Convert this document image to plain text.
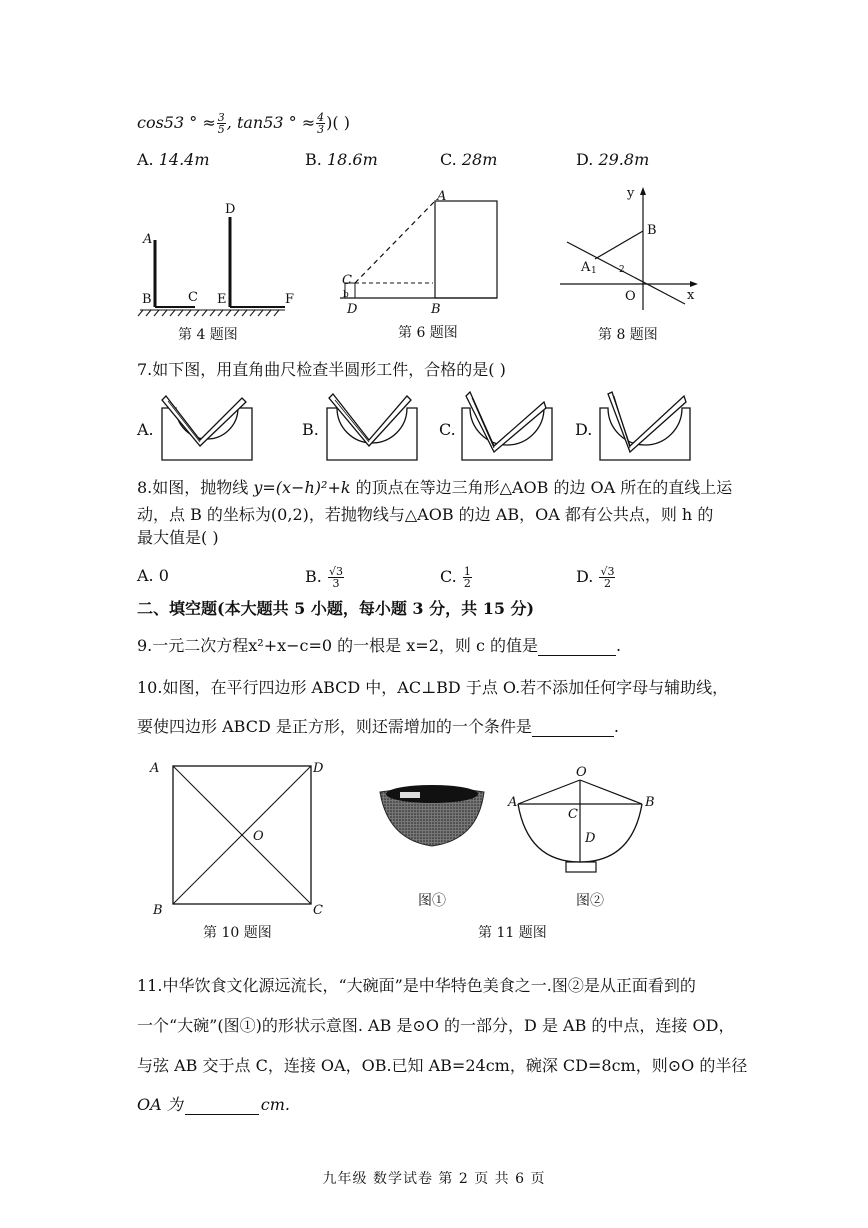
cos53 ° ≈ $\frac{3}{5}$ , tan53 ° ≈ $\frac{4}{3}$ )( )
A. 14.4m	B. 18.6m	C. 28m	D. 29.8m
A
B	C
D
E	F
第 4 题图
A
B
C
D
b
第 6 题图
y
x
B
A 1 2
O
第 8 题图
7.如下图，用直角曲尺检查半圆形工件，合格的是( )
A.	B.	C.	D.
8.如图，抛物线 y=(x−h)²+k 的顶点在等边三角形△AOB 的边 OA 所在的直线上运
动，点 B 的坐标为(0,2)，若抛物线与△AOB 的边 AB，OA 都有公共点，则 h 的
最大值是( )
A. 0	B. $\frac{√3}{3}$	C. $\frac{1}{2}$	D. $\frac{√3}{2}$
二、填空题(本大题共 5 小题，每小题 3 分，共 15 分)
9.一元二次方程x²+x−c=0 的一根是 x=2，则 c 的值是	.
10.如图，在平行四边形 ABCD 中，AC⊥BD 于点 O.若不添加任何字母与辅助线，
要使四边形 ABCD 是正方形，则还需增加的一个条件是	.
A	D
B	C
O
第 10 题图
O
A	B
C
D
图①	图②
第 11 题图
11.中华饮食文化源远流长，“大碗面”是中华特色美食之一.图②是从正面看到的
一个“大碗”(图①)的形状示意图. AB 是⊙O 的一部分，D 是 AB 的中点，连接 OD，
与弦 AB 交于点 C，连接 OA，OB.已知 AB=24cm，碗深 CD=8cm，则⊙O 的半径
OA 为	cm.
九年级 数学试卷 第 2 页 共 6 页
